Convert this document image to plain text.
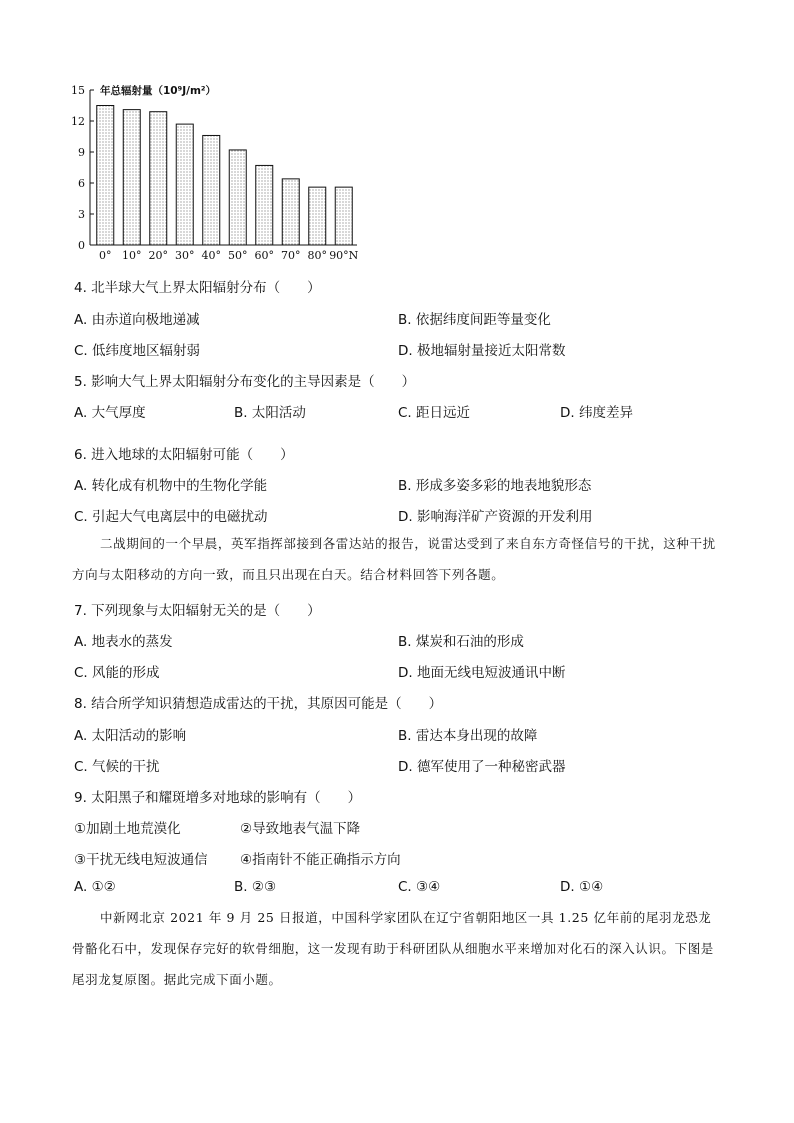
0
3
6
9
12
15 年总辐射量（10⁹J/m²）
0° 10° 20° 30° 40° 50° 60° 70° 80° 90°N
4. 北半球大气上界太阳辐射分布（　　）
A. 由赤道向极地递减	B. 依据纬度间距等量变化
C. 低纬度地区辐射弱	D. 极地辐射量接近太阳常数
5. 影响大气上界太阳辐射分布变化的主导因素是（　　）
A. 大气厚度	B. 太阳活动	C. 距日远近	D. 纬度差异
6. 进入地球的太阳辐射可能（　　）
A. 转化成有机物中的生物化学能	B. 形成多姿多彩的地表地貌形态
C. 引起大气电离层中的电磁扰动	D. 影响海洋矿产资源的开发利用
二战期间的一个早晨，英军指挥部接到各雷达站的报告，说雷达受到了来自东方奇怪信号的干扰，这种干扰方向与太阳移动的方向一致，而且只出现在白天。结合材料回答下列各题。
7. 下列现象与太阳辐射无关的是（　　）
A. 地表水的蒸发	B. 煤炭和石油的形成
C. 风能的形成	D. 地面无线电短波通讯中断
8. 结合所学知识猜想造成雷达的干扰，其原因可能是（　　）
A. 太阳活动的影响	B. 雷达本身出现的故障
C. 气候的干扰	D. 德军使用了一种秘密武器
9. 太阳黑子和耀斑增多对地球的影响有（　　）
①加剧土地荒漠化	②导致地表气温下降
③干扰无线电短波通信 ④指南针不能正确指示方向
A. ①②	B. ②③	C. ③④	D. ①④
中新网北京 2021 年 9 月 25 日报道，中国科学家团队在辽宁省朝阳地区一具 1.25 亿年前的尾羽龙恐龙骨骼化石中，发现保存完好的软骨细胞，这一发现有助于科研团队从细胞水平来增加对化石的深入认识。下图是尾羽龙复原图。据此完成下面小题。
